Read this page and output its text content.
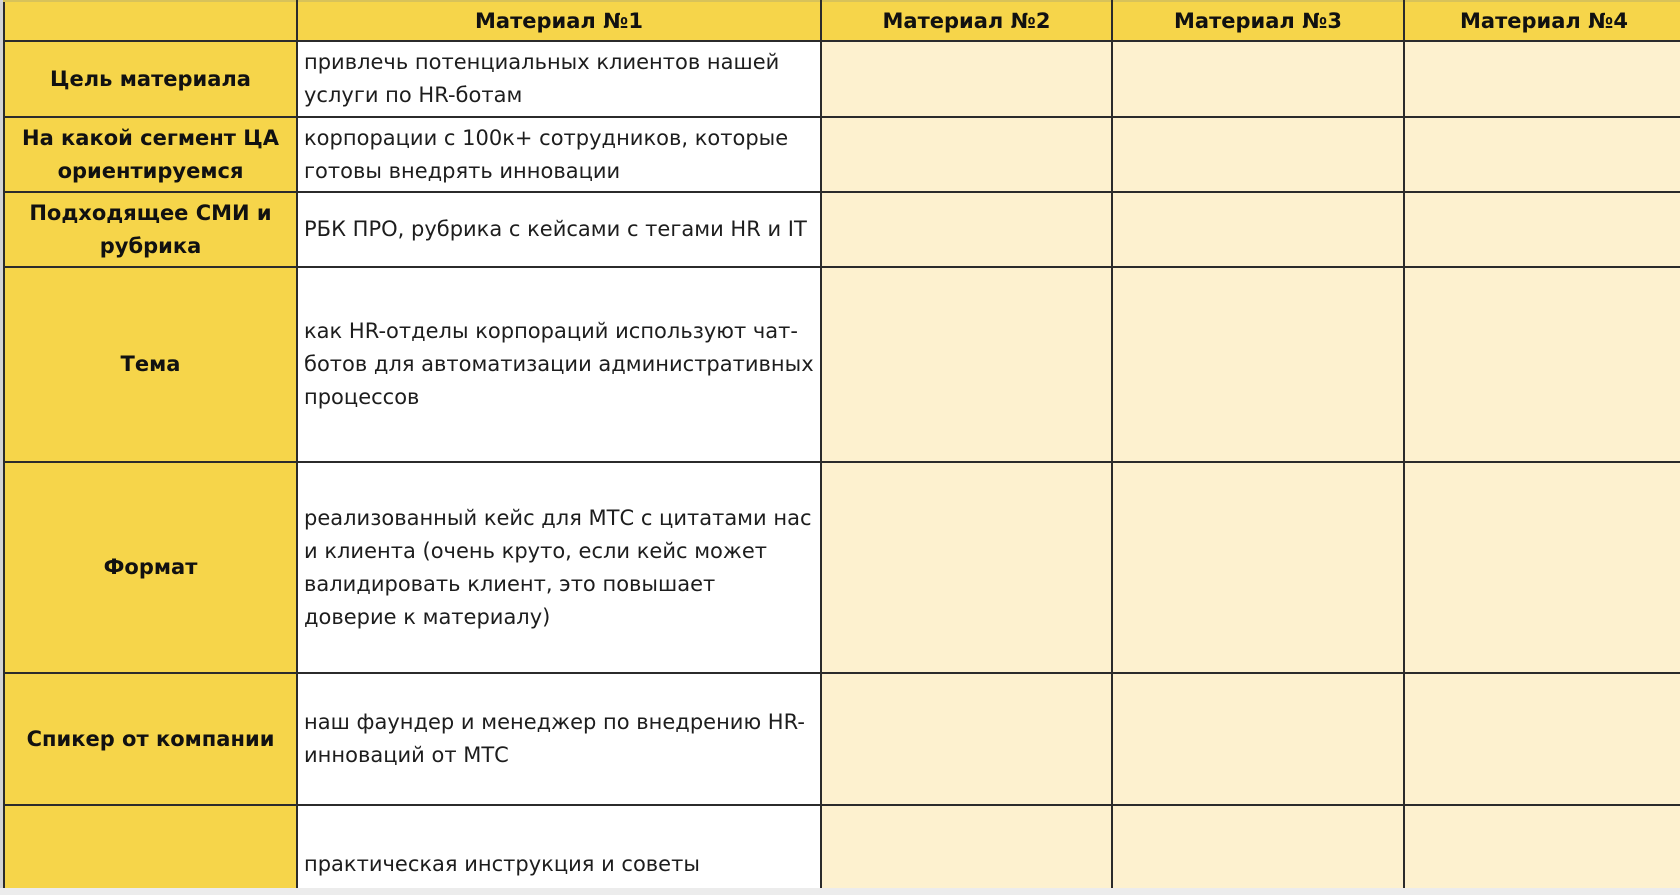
	Материал №1	Материал №2	Материал №3	Материал №4
Цель материала	привлечь потенциальных клиентов нашей услуги по HR-ботам			
На какой сегмент ЦА ориентируемся	корпорации с 100к+ сотрудников, которые готовы внедрять инновации			
Подходящее СМИ и рубрика	РБК ПРО, рубрика с кейсами с тегами HR и IT			
Тема	как HR-отделы корпораций используют чат-ботов для автоматизации административных процессов			
Формат	реализованный кейс для МТС с цитатами нас и клиента (очень круто, если кейс может валидировать клиент, это повышает доверие к материалу)			
Спикер от компании	наш фаундер и менеджер по внедрению HR-инноваций от МТС			
	практическая инструкция и советы			
